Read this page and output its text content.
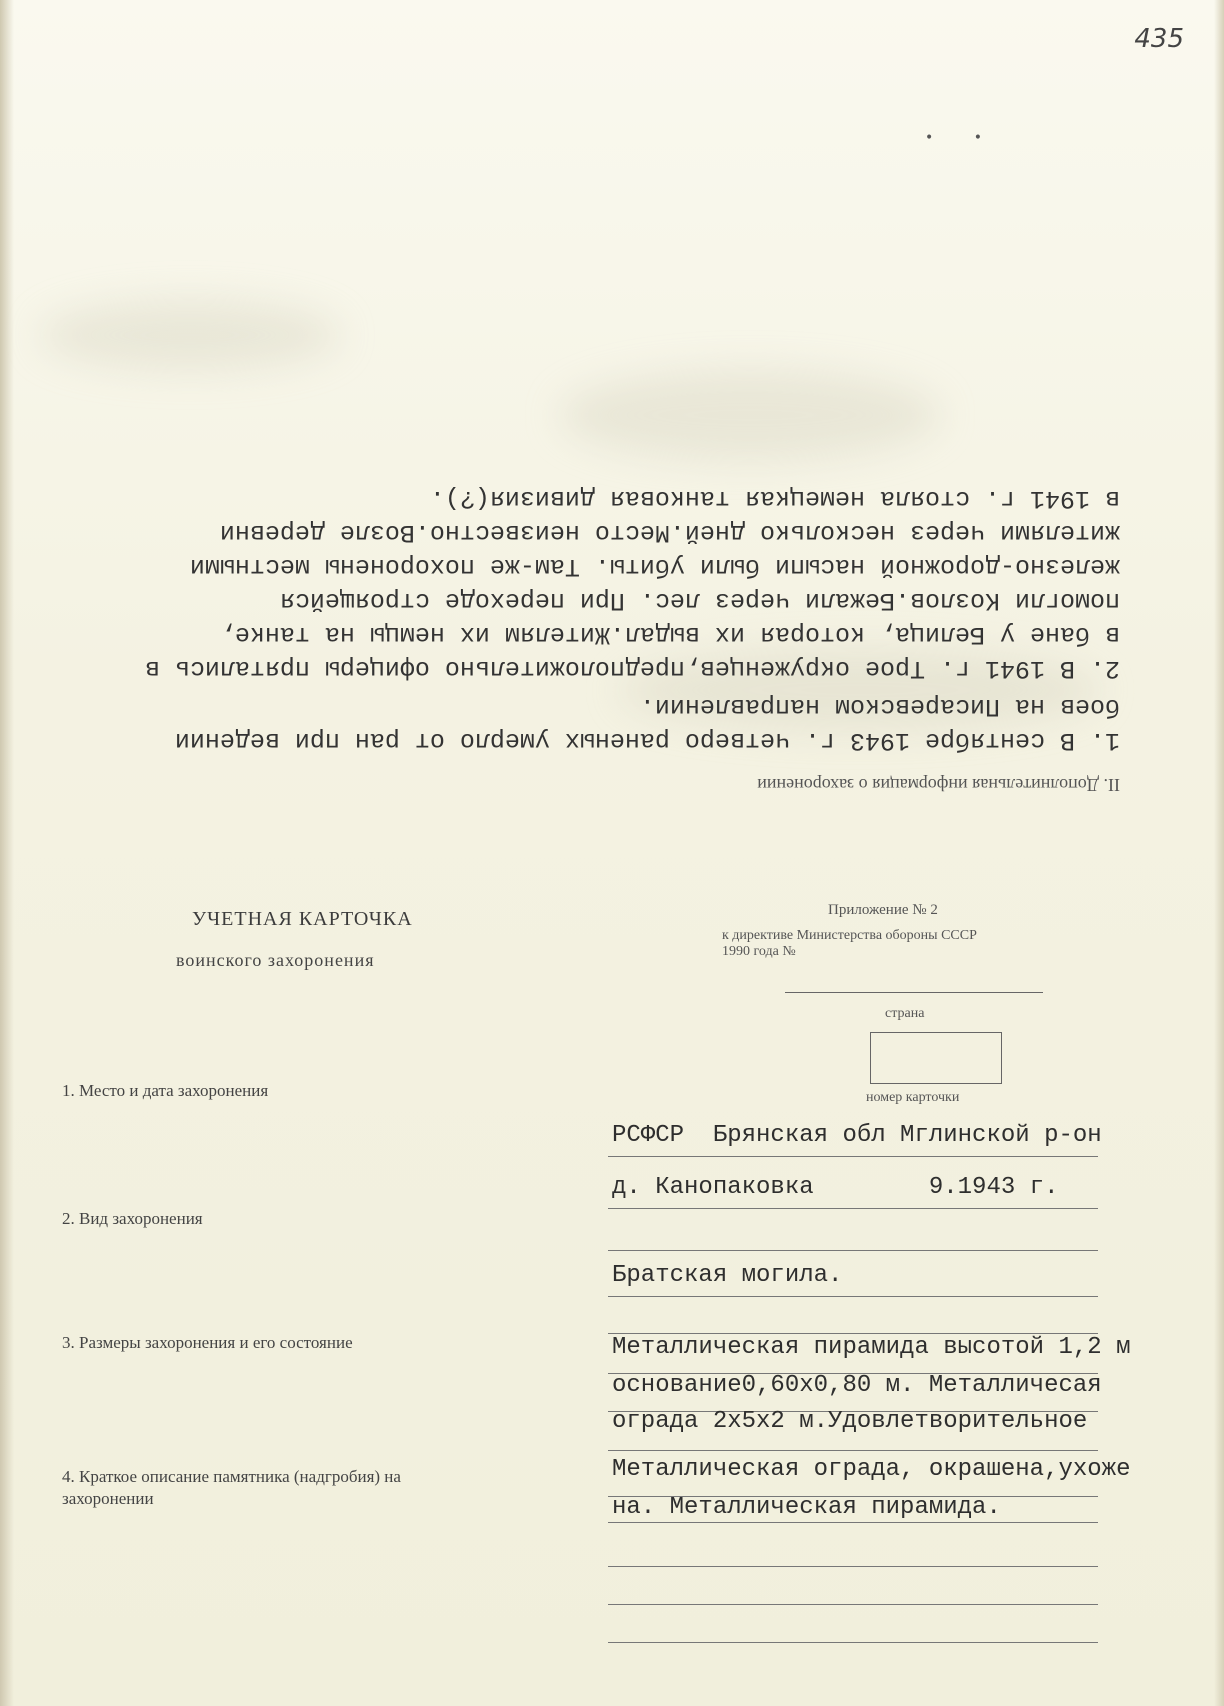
435
• •
II. Дополнительная информация о захоронении
1. В сентябре 1943 г. четверо раненых умерло от ран при ведении
боев на Писаревском направлении.
2. В 1941 г. Трое окруженцев,предположительно офицеры прятались в
в бане у Белица, которая их выдал.Жителям их немцы на танке,
помогли Козлов.Бежали через лес. При переходе строящейся
железно-дорожной насыпи были убиты. Там-же похоронены местными
жителями через несколько дней.Место неизвестно.Возле деревни
в 1941 г. стояла немецкая танковая дивизия(?).
УЧЕТНАЯ КАРТОЧКА
воинского захоронения
Приложение № 2
к директиве Министерства обороны СССР
1990 года №
страна
номер карточки
1. Место и дата захоронения
РСФСР  Брянская обл Мглинской р-он
д. Канопаковка        9.1943 г.
2. Вид захоронения
Братская могила.
3. Размеры захоронения и его состояние	Металлическая пирамида высотой 1,2 м
основание0,60х0,80 м. Металличесая
ограда 2х5х2 м.Удовлетворительное
4. Краткое описание памятника (надгробия) на
захоронении
Металлическая ограда, окрашена,ухоже
на. Металлическая пирамида.
